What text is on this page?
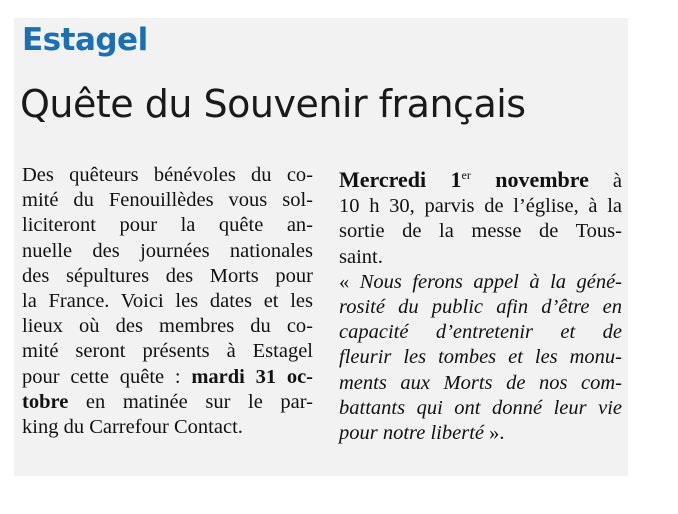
Estagel
Quête du Souvenir français
Des quêteurs bénévoles du co-
mité du Fenouillèdes vous sol-
liciteront pour la quête an-
nuelle des journées nationales
des sépultures des Morts pour
la France. Voici les dates et les
lieux où des membres du co-
mité seront présents à Estagel
pour cette quête : mardi 31 oc-
tobre en matinée sur le par-
king du Carrefour Contact.
Mercredi 1er novembre à
10 h 30, parvis de l’église, à la
sortie de la messe de Tous-
saint.
« Nous ferons appel à la géné-
rosité du public afin d’être en
capacité d’entretenir et de
fleurir les tombes et les monu-
ments aux Morts de nos com-
battants qui ont donné leur vie
pour notre liberté ».
